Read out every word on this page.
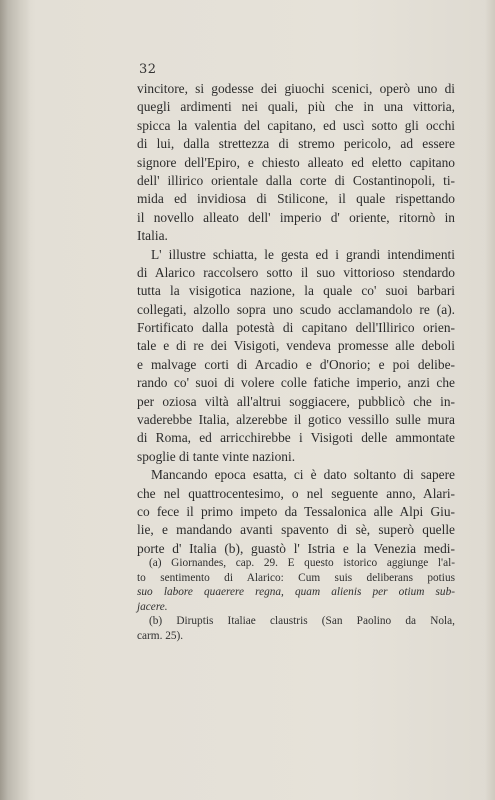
32
vincitore, si godesse dei giuochi scenici, operò uno di
quegli ardimenti nei quali, più che in una vittoria,
spicca la valentia del capitano, ed uscì sotto gli occhi
di lui, dalla strettezza di stremo pericolo, ad essere
signore dell'Epiro, e chiesto alleato ed eletto capitano
dell' illirico orientale dalla corte di Costantinopoli, ti-
mida ed invidiosa di Stilicone, il quale rispettando
il novello alleato dell' imperio d' oriente, ritornò in
Italia.
L' illustre schiatta, le gesta ed i grandi intendimenti
di Alarico raccolsero sotto il suo vittorioso stendardo
tutta la visigotica nazione, la quale co' suoi barbari
collegati, alzollo sopra uno scudo acclamandolo re (a).
Fortificato dalla potestà di capitano dell'Illirico orien-
tale e di re dei Visigoti, vendeva promesse alle deboli
e malvage corti di Arcadio e d'Onorio; e poi delibe-
rando co' suoi di volere colle fatiche imperio, anzi che
per oziosa viltà all'altrui soggiacere, pubblicò che in-
vaderebbe Italia, alzerebbe il gotico vessillo sulle mura
di Roma, ed arricchirebbe i Visigoti delle ammontate
spoglie di tante vinte nazioni.
Mancando epoca esatta, ci è dato soltanto di sapere
che nel quattrocentesimo, o nel seguente anno, Alari-
co fece il primo impeto da Tessalonica alle Alpi Giu-
lie, e mandando avanti spavento di sè, superò quelle
porte d' Italia (b), guastò l' Istria e la Venezia medi-
(a) Giornandes, cap. 29. E questo istorico aggiunge l'al-
to sentimento di Alarico: Cum suis deliberans potius
suo labore quaerere regna, quam alienis per otium sub-
jacere.
(b) Diruptis Italiae claustris (San Paolino da Nola,
carm. 25).
